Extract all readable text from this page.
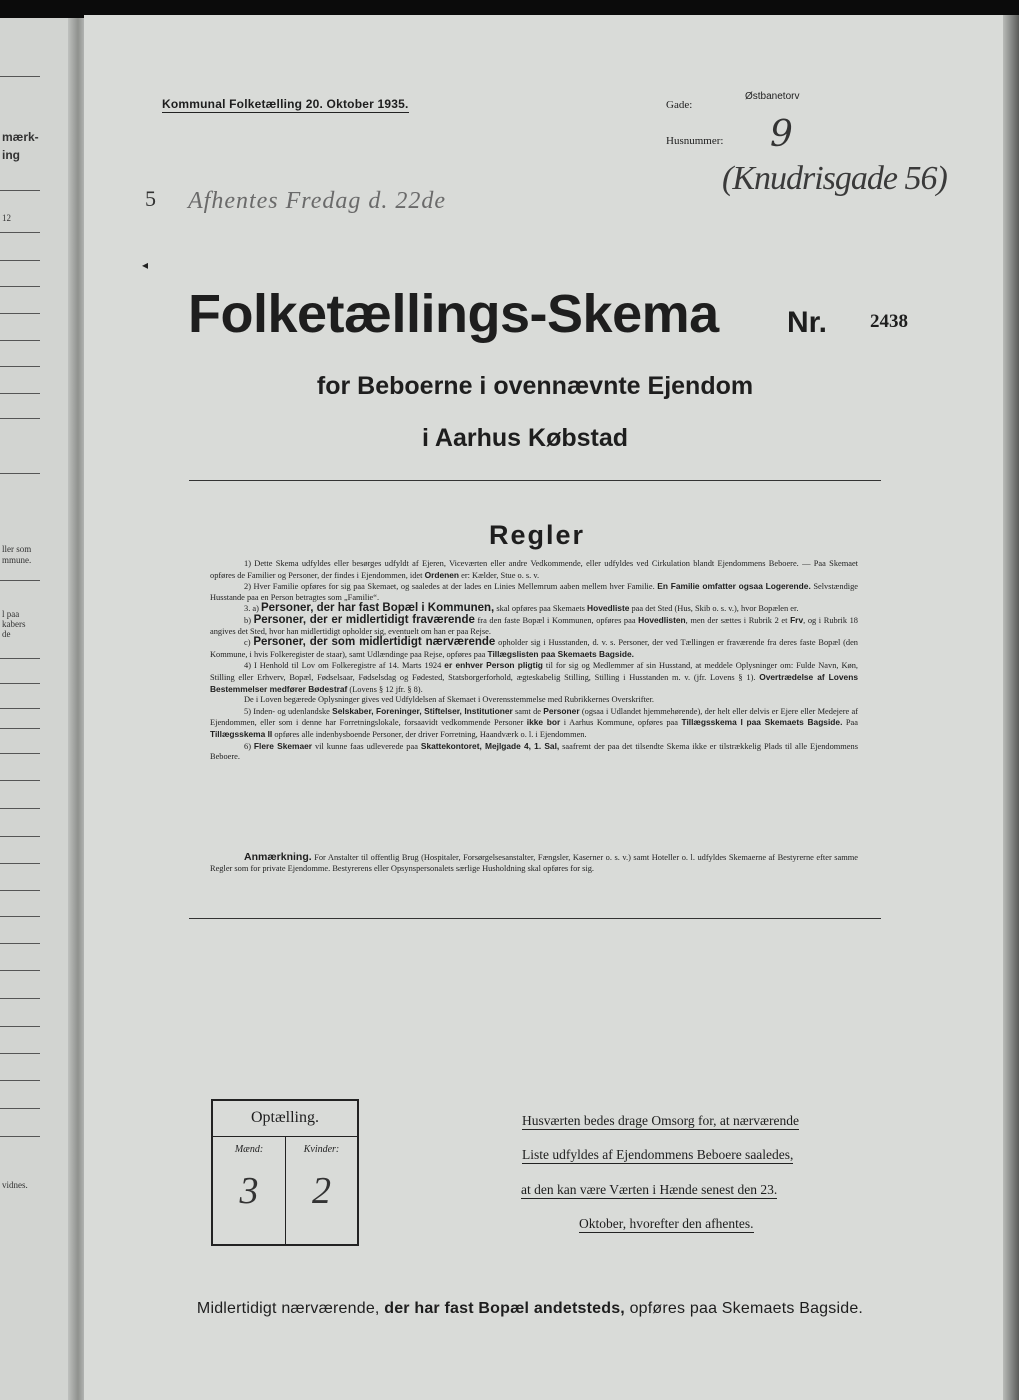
mærk-
ing
12
ller som
mmune.
l paa
kabers
de
vidnes.
Kommunal Folketælling 20. Oktober 1935.	Gade:
Østbanetorv
Husnummer: 9
(Knudrisgade 56)
Afhentes Fredag d. 22de
5
◂
Folketællings-Skema Nr. 2438
for Beboerne i ovennævnte Ejendom
i Aarhus Købstad
Regler

1) Dette Skema udfyldes eller besørges udfyldt af Ejeren, Viceværten eller andre Vedkommende, eller udfyldes ved Cirkulation blandt Ejendommens Beboere. — Paa Skemaet opføres de Familier og Personer, der findes i Ejendommen, idet Ordenen er: Kælder, Stue o. s. v.

2) Hver Familie opføres for sig paa Skemaet, og saaledes at der lades en Linies Mellemrum aaben mellem hver Familie. En Familie omfatter ogsaa Logerende. Selvstændige Husstande paa en Person betragtes som „Familie“.

3. a) Personer, der har fast Bopæl i Kommunen, skal opføres paa Skemaets Hovedliste paa det Sted (Hus, Skib o. s. v.), hvor Bopælen er.

b) Personer, der er midlertidigt fraværende fra den faste Bopæl i Kommunen, opføres paa Hovedlisten, men der sættes i Rubrik 2 et Frv, og i Rubrik 18 angives det Sted, hvor han midlertidigt opholder sig, eventuelt om han er paa Rejse.

c) Personer, der som midlertidigt nærværende opholder sig i Husstanden, d. v. s. Personer, der ved Tællingen er fraværende fra deres faste Bopæl (den Kommune, i hvis Folkeregister de staar), samt Udlændinge paa Rejse, opføres paa Tillægslisten paa Skemaets Bagside.

4) I Henhold til Lov om Folkeregistre af 14. Marts 1924 er enhver Person pligtig til for sig og Medlemmer af sin Husstand, at meddele Oplysninger om: Fulde Navn, Køn, Stilling eller Erhverv, Bopæl, Fødselsaar, Fødselsdag og Fødested, Statsborgerforhold, ægteskabelig Stilling, Stilling i Husstanden m. v. (jfr. Lovens § 1). Overtrædelse af Lovens Bestemmelser medfører Bødestraf (Lovens § 12 jfr. § 8).

De i Loven begærede Oplysninger gives ved Udfyldelsen af Skemaet i Overensstemmelse med Rubrikkernes Overskrifter.

5) Inden- og udenlandske Selskaber, Foreninger, Stiftelser, Institutioner samt de Personer (ogsaa i Udlandet hjemmehørende), der helt eller delvis er Ejere eller Medejere af Ejendommen, eller som i denne har Forretningslokale, forsaavidt vedkommende Personer ikke bor i Aarhus Kommune, opføres paa Tillægsskema I paa Skemaets Bagside. Paa Tillægsskema II opføres alle indenbysboende Personer, der driver Forretning, Haandværk o. l. i Ejendommen.

6) Flere Skemaer vil kunne faas udleverede paa Skattekontoret, Mejlgade 4, 1. Sal, saafremt der paa det tilsendte Skema ikke er tilstrækkelig Plads til alle Ejendommens Beboere.

Anmærkning. For Anstalter til offentlig Brug (Hospitaler, Forsørgelsesanstalter, Fængsler, Kaserner o. s. v.) samt Hoteller o. l. udfyldes Skemaerne af Bestyrerne efter samme Regler som for private Ejendomme. Bestyrerens eller Opsynspersonalets særlige Husholdning skal opføres for sig.

Optælling.
Mænd:	Kvinder:
3	2
Husværten bedes drage Omsorg for, at nærværende
Liste udfyldes af Ejendommens Beboere saaledes,
at den kan være Værten i Hænde senest den 23.
Oktober, hvorefter den afhentes.
Midlertidigt nærværende, der har fast Bopæl andetsteds, opføres paa Skemaets Bagside.
